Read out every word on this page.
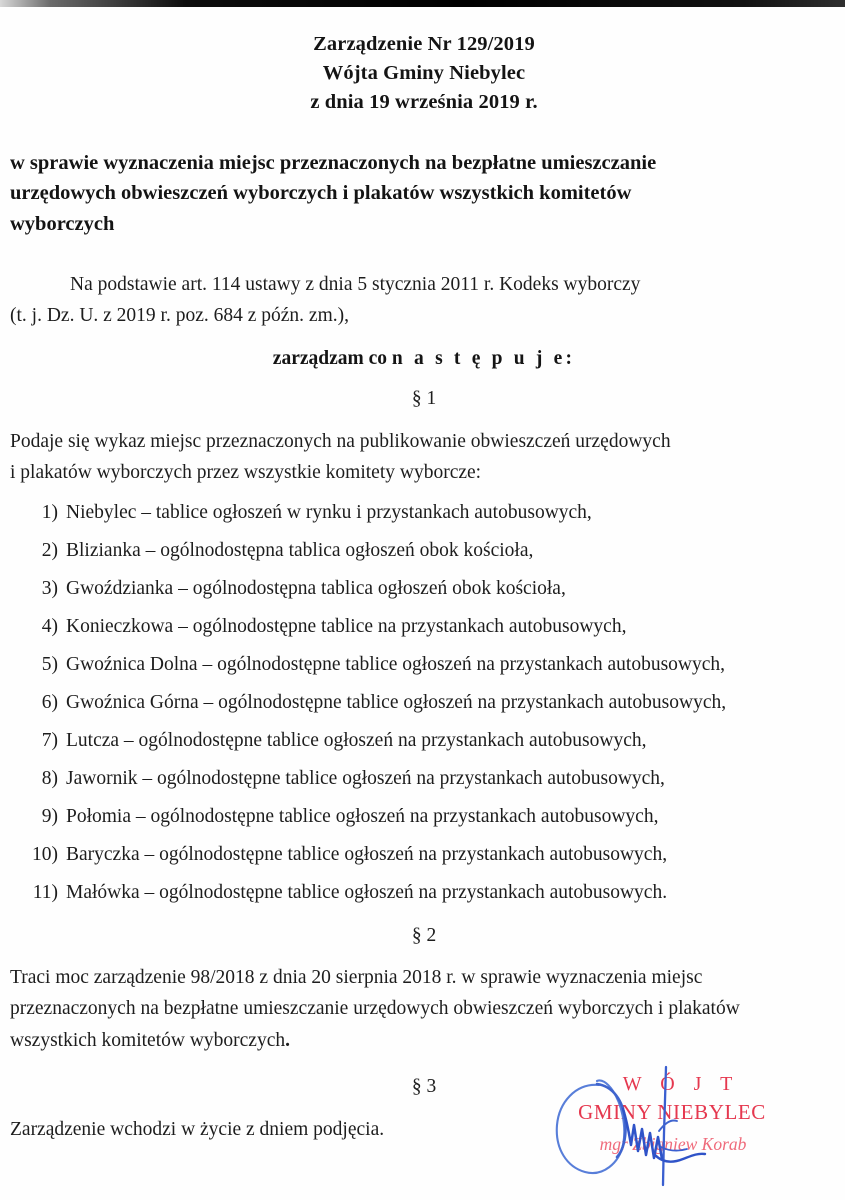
Zarządzenie Nr 129/2019
Wójta Gminy Niebylec
z dnia 19 września 2019 r.
w sprawie wyznaczenia miejsc przeznaczonych na bezpłatne umieszczanie
urzędowych obwieszczeń wyborczych i plakatów wszystkich komitetów
wyborczych
Na podstawie art. 114 ustawy z dnia 5 stycznia 2011 r. Kodeks wyborczy
(t. j. Dz. U. z 2019 r. poz. 684 z późn. zm.),
zarządzam co n a s t ę p u j e:
§ 1
Podaje się wykaz miejsc przeznaczonych na publikowanie obwieszczeń urzędowych
i plakatów wyborczych przez wszystkie komitety wyborcze:
1) Niebylec – tablice ogłoszeń w rynku i przystankach autobusowych,
2) Blizianka – ogólnodostępna tablica ogłoszeń obok kościoła,
3) Gwoździanka – ogólnodostępna tablica ogłoszeń obok kościoła,
4) Konieczkowa – ogólnodostępne tablice na przystankach autobusowych,
5) Gwoźnica Dolna – ogólnodostępne tablice ogłoszeń na przystankach autobusowych,
6) Gwoźnica Górna – ogólnodostępne tablice ogłoszeń na przystankach autobusowych,
7) Lutcza – ogólnodostępne tablice ogłoszeń na przystankach autobusowych,
8) Jawornik – ogólnodostępne tablice ogłoszeń na przystankach autobusowych,
9) Połomia – ogólnodostępne tablice ogłoszeń na przystankach autobusowych,
10) Baryczka – ogólnodostępne tablice ogłoszeń na przystankach autobusowych,
11) Małówka – ogólnodostępne tablice ogłoszeń na przystankach autobusowych.
§ 2
Traci moc zarządzenie 98/2018 z dnia 20 sierpnia 2018 r. w sprawie wyznaczenia miejsc
przeznaczonych na bezpłatne umieszczanie urzędowych obwieszczeń wyborczych i plakatów
wszystkich komitetów wyborczych.
§ 3
Zarządzenie wchodzi w życie z dniem podjęcia.
W Ó J T
GMINY NIEBYLEC
mgr Zbigniew Korab
